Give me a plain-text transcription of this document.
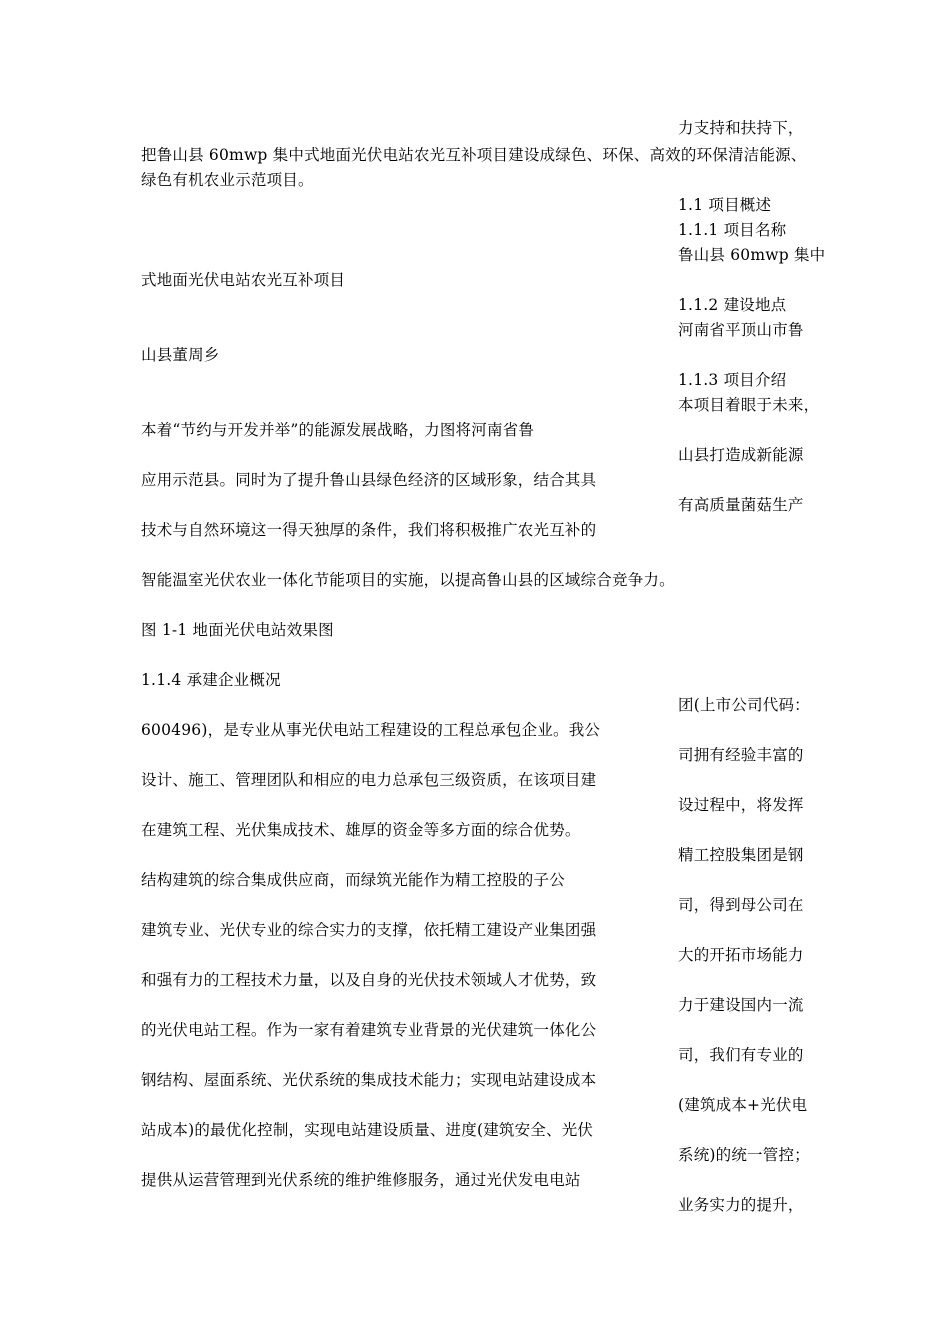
力支持和扶持下，
把鲁山县 60mwp 集中式地面光伏电站农光互补项目建设成绿色、环保、高效的环保清洁能源、
绿色有机农业示范项目。
1.1 项目概述
1.1.1 项目名称
鲁山县 60mwp 集中
式地面光伏电站农光互补项目
1.1.2 建设地点
河南省平顶山市鲁
山县董周乡
1.1.3 项目介绍
本项目着眼于未来，
本着“节约与开发并举”的能源发展战略，力图将河南省鲁
山县打造成新能源
应用示范县。同时为了提升鲁山县绿色经济的区域形象，结合其具
有高质量菌菇生产
技术与自然环境这一得天独厚的条件，我们将积极推广农光互补的
智能温室光伏农业一体化节能项目的实施，以提高鲁山县的区域综合竞争力。
图 1-1 地面光伏电站效果图
1.1.4 承建企业概况
团(上市公司代码：
600496)，是专业从事光伏电站工程建设的工程总承包企业。我公
司拥有经验丰富的
设计、施工、管理团队和相应的电力总承包三级资质，在该项目建
设过程中，将发挥
在建筑工程、光伏集成技术、雄厚的资金等多方面的综合优势。
精工控股集团是钢
结构建筑的综合集成供应商，而绿筑光能作为精工控股的子公
司，得到母公司在
建筑专业、光伏专业的综合实力的支撑，依托精工建设产业集团强
大的开拓市场能力
和强有力的工程技术力量，以及自身的光伏技术领域人才优势，致
力于建设国内一流
的光伏电站工程。作为一家有着建筑专业背景的光伏建筑一体化公
司，我们有专业的
钢结构、屋面系统、光伏系统的集成技术能力；实现电站建设成本
(建筑成本+光伏电
站成本)的最优化控制，实现电站建设质量、进度(建筑安全、光伏
系统)的统一管控；
提供从运营管理到光伏系统的维护维修服务，通过光伏发电电站
业务实力的提升，
